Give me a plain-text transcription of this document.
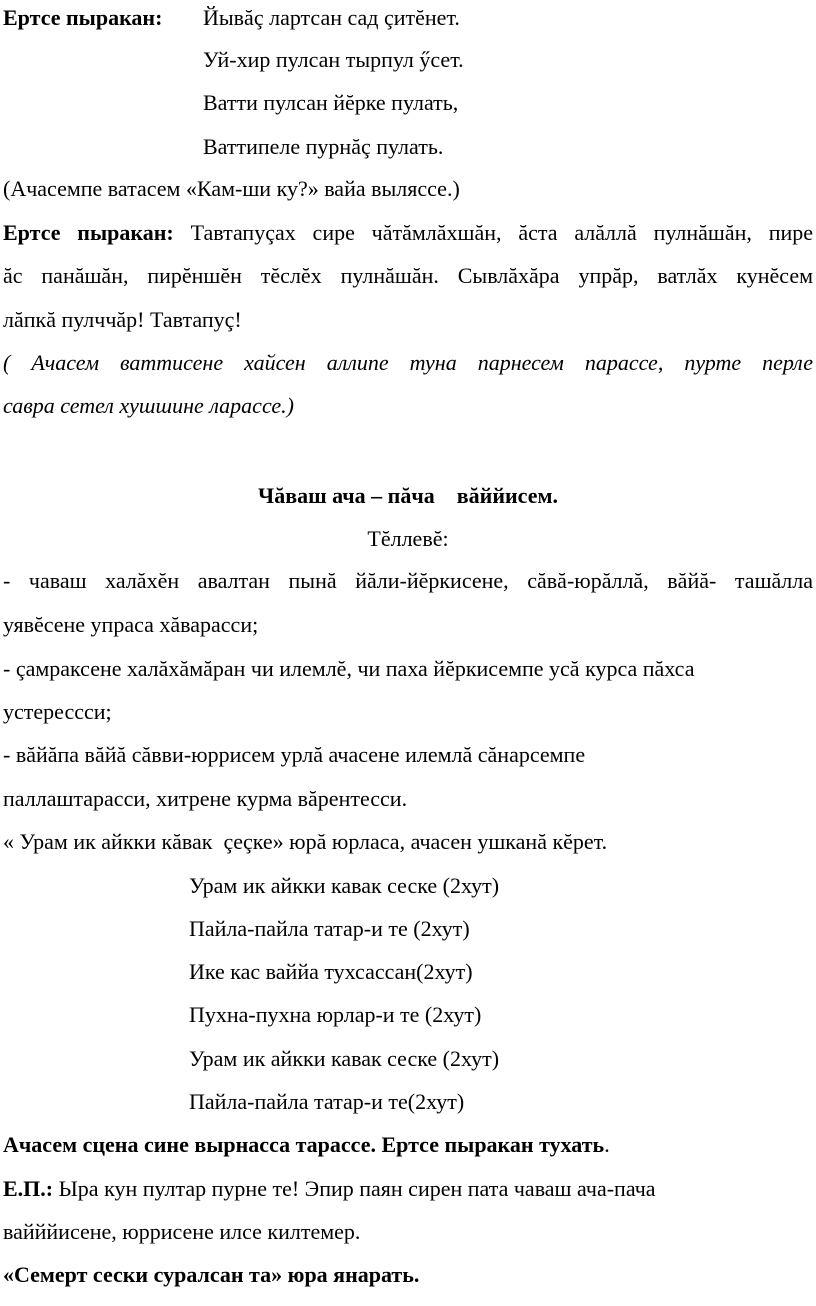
Ертсе пыракан: Йывăç лартсан сад çитĕнет.
Уй-хир пулсан тырпул ӳсет.
Ватти пулсан йĕрке пулать,
Ваттипеле пурнăç пулать.
(Ачасемпе ватасем «Кам-ши ку?» вайа выляссе.)
Ертсе пыракан: Тавтапуçах сире чăтăмлăхшăн, ăста алăллă пулнăшăн, пире
ăс панăшăн, пирĕншĕн тĕслĕх пулнăшăн. Сывлăхăра упрăр, ватлăх кунĕсем
лăпкă пулччăр! Тавтапуç!
( Ачасем ваттисене хайсен аллипе туна парнесем парассе, пурте перле
савра сетел хушшине ларассе.)
Чăваш ача – пăча    вăййисем.
Тĕллевĕ:
- чаваш халăхĕн авалтан пынă йăли-йĕркисене, сăвă-юрăллă, вăйă- ташăлла
уявĕсене упраса хăварасси;
- çамраксене халăхăмăран чи илемлĕ, чи паха йĕркисемпе усă курса пăхса
устерессси;
- вăйăпа вăйă сăвви-юррисем урлă ачасене илемлă сăнарсемпе
паллаштарасси, хитрене курма вăрентесси.
« Урам ик айкки кăвак  çеçке» юрă юрласа, ачасен ушканă кĕрет.
Урам ик айкки кавак сеске (2хут)
Пайла-пайла татар-и те (2хут)
Ике кас ваййа тухсассан(2хут)
Пухна-пухна юрлар-и те (2хут)
Урам ик айкки кавак сеске (2хут)
Пайла-пайла татар-и те(2хут)
Ачасем сцена сине вырнасса тарассе. Ертсе пыракан тухать.
Е.П.: Ыра кун пултар пурне те! Эпир паян сирен пата чаваш ача-пача
вайййисене, юррисене илсе килтемер.
«Семерт сески суралсан та» юра янарать.
